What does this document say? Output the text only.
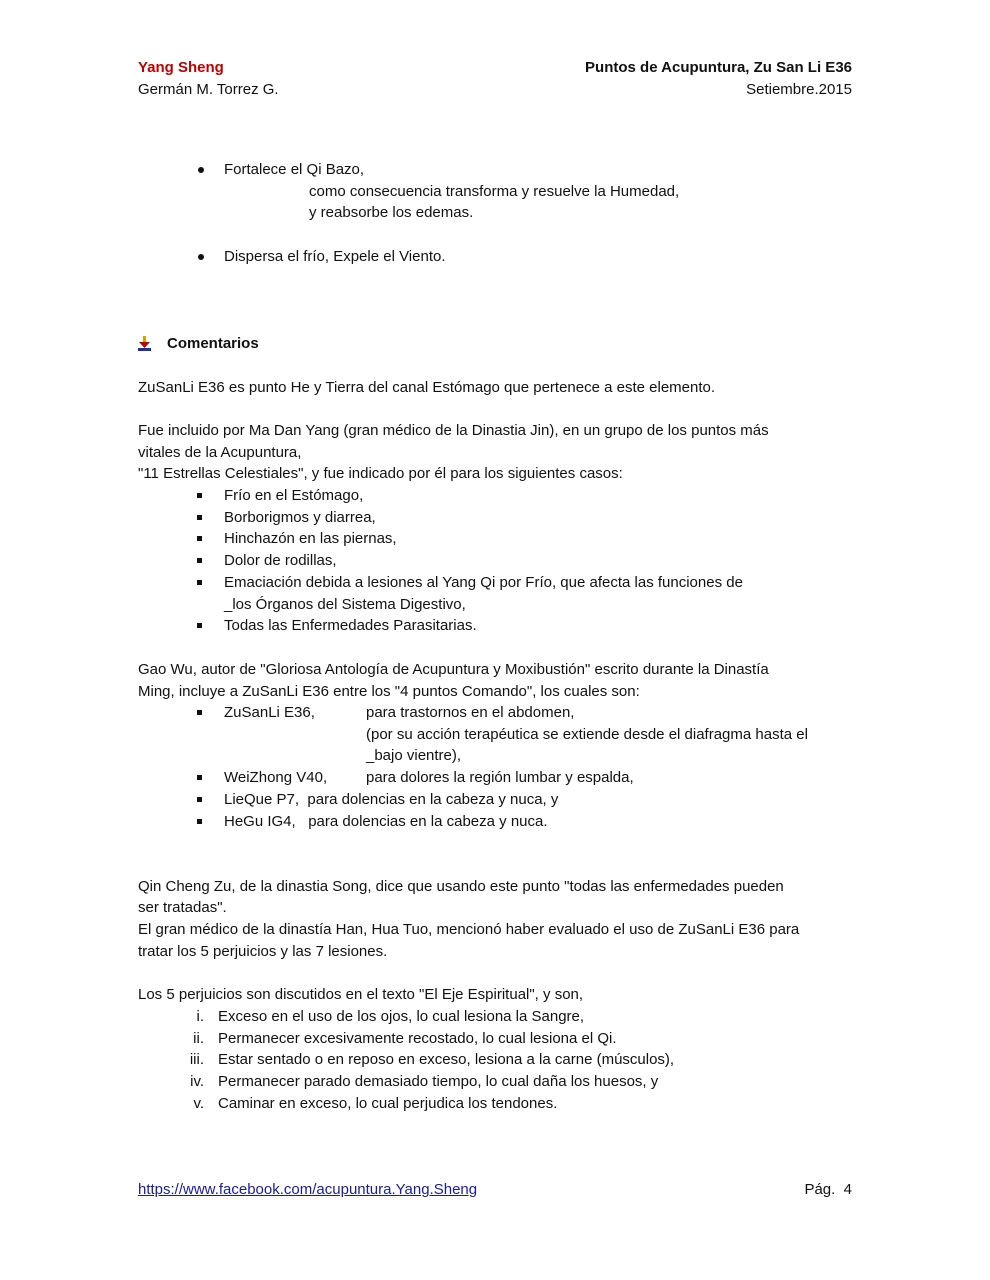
Yang Sheng
Germán M. Torrez G.
Puntos de Acupuntura, Zu San Li E36
Setiembre.2015
Fortalece el Qi Bazo,
como consecuencia transforma y resuelve la Humedad,
y reabsorbe los edemas.
Dispersa el frío, Expele el Viento.
Comentarios
ZuSanLi E36 es punto He y Tierra del canal Estómago que pertenece a este elemento.
Fue incluido por Ma Dan Yang (gran médico de la Dinastia Jin), en un grupo de los puntos más
vitales de la Acupuntura,
"11 Estrellas Celestiales", y fue indicado por él para los siguientes casos:
Frío en el Estómago,
Borborigmos y diarrea,
Hinchazón en las piernas,
Dolor de rodillas,
Emaciación debida a lesiones al Yang Qi por Frío, que afecta las funciones de
_los Órganos del Sistema Digestivo,
Todas las Enfermedades Parasitarias.
Gao Wu, autor de "Gloriosa Antología de Acupuntura y Moxibustión" escrito durante la Dinastía
Ming, incluye a ZuSanLi E36 entre los "4 puntos Comando", los cuales son:
ZuSanLi E36,	para trastornos en el abdomen,
(por su acción terapéutica se extiende desde el diafragma hasta el
_bajo vientre),
WeiZhong V40,	para dolores la región lumbar y espalda,
LieQue P7,  para dolencias en la cabeza y nuca, y
HeGu IG4,   para dolencias en la cabeza y nuca.
Qin Cheng Zu, de la dinastia Song, dice que usando este punto "todas las enfermedades pueden
ser tratadas".
El gran médico de la dinastía Han, Hua Tuo, mencionó haber evaluado el uso de ZuSanLi E36 para
tratar los 5 perjuicios y las 7 lesiones.
Los 5 perjuicios son discutidos en el texto "El Eje Espiritual", y son,
i. Exceso en el uso de los ojos, lo cual lesiona la Sangre,
ii. Permanecer excesivamente recostado, lo cual lesiona el Qi.
iii. Estar sentado o en reposo en exceso, lesiona a la carne (músculos),
iv. Permanecer parado demasiado tiempo, lo cual daña los huesos, y
v. Caminar en exceso, lo cual perjudica los tendones.
https://www.facebook.com/acupuntura.Yang.Sheng	Pág.  4
